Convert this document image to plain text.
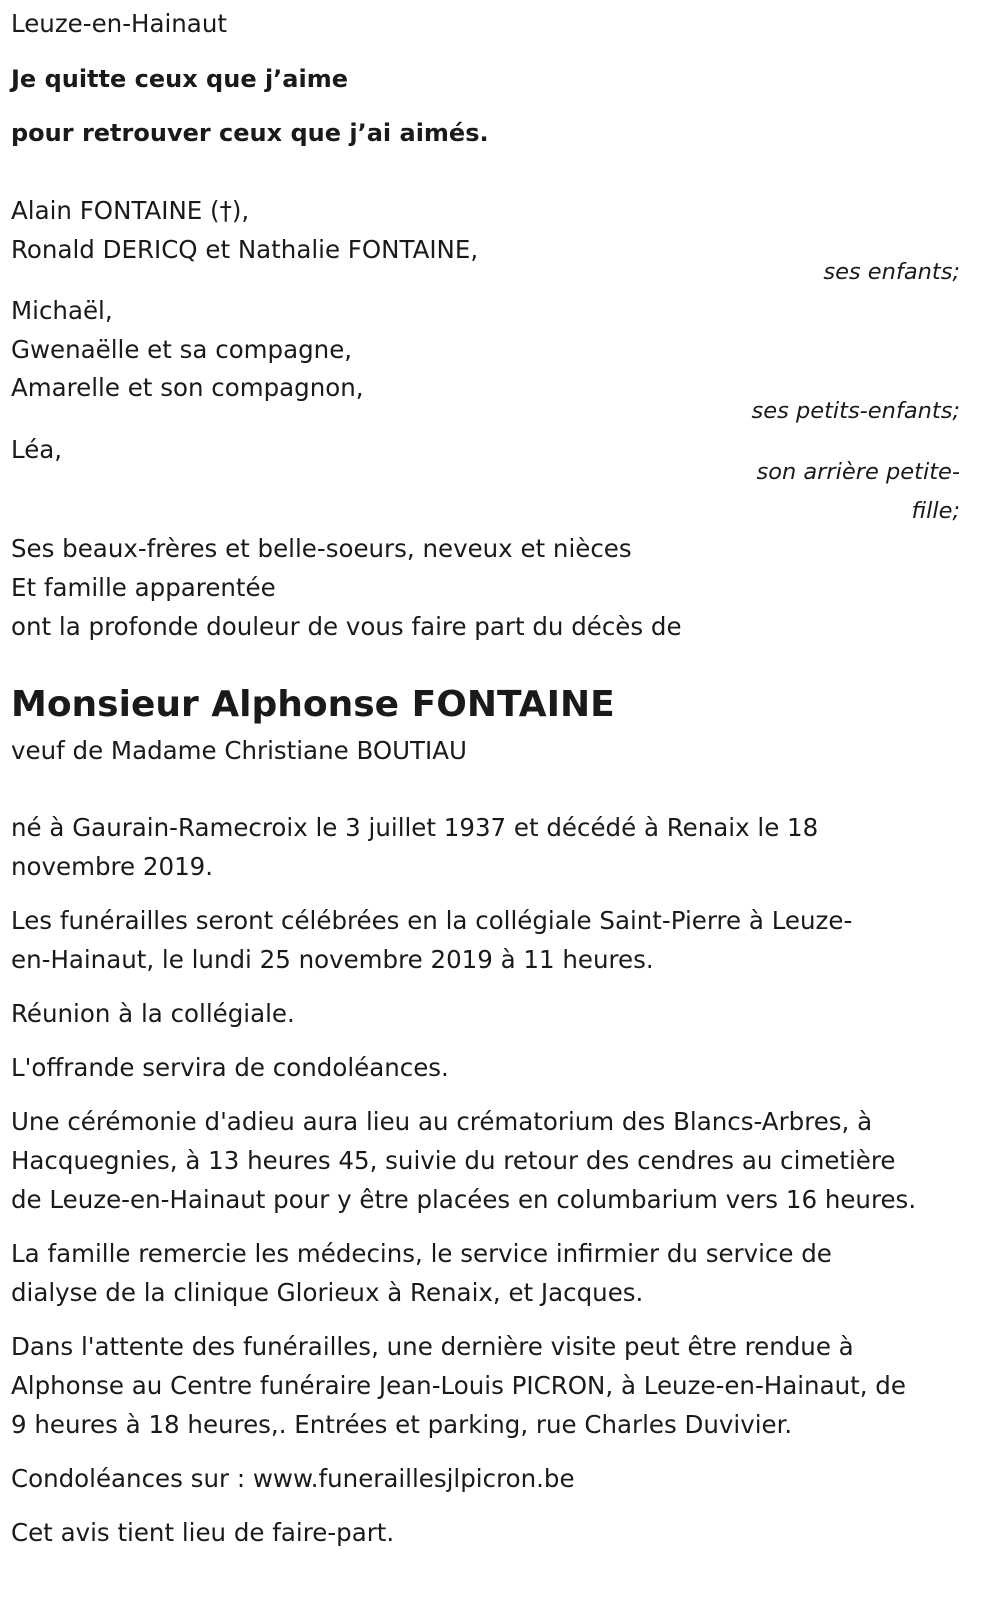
Leuze-en-Hainaut
Je quitte ceux que j’aime
pour retrouver ceux que j’ai aimés.
Alain FONTAINE (†),
Ronald DERICQ et Nathalie FONTAINE,
ses enfants;
Michaël,
Gwenaëlle et sa compagne,
Amarelle et son compagnon,
ses petits-enfants;
Léa,
son arrière petite-
fille;
Ses beaux-frères et belle-soeurs, neveux et nièces
Et famille apparentée
ont la profonde douleur de vous faire part du décès de
Monsieur Alphonse FONTAINE
veuf de Madame Christiane BOUTIAU
né à Gaurain-Ramecroix le 3 juillet 1937 et décédé à Renaix le 18
novembre 2019.
Les funérailles seront célébrées en la collégiale Saint-Pierre à Leuze-
en-Hainaut, le lundi 25 novembre 2019 à 11 heures.
Réunion à la collégiale.
L'offrande servira de condoléances.
Une cérémonie d'adieu aura lieu au crématorium des Blancs-Arbres, à
Hacquegnies, à 13 heures 45, suivie du retour des cendres au cimetière
de Leuze-en-Hainaut pour y être placées en columbarium vers 16 heures.
La famille remercie les médecins, le service infirmier du service de
dialyse de la clinique Glorieux à Renaix, et Jacques.
Dans l'attente des funérailles, une dernière visite peut être rendue à
Alphonse au Centre funéraire Jean-Louis PICRON, à Leuze-en-Hainaut, de
9 heures à 18 heures,. Entrées et parking, rue Charles Duvivier.
Condoléances sur : www.funeraillesjlpicron.be
Cet avis tient lieu de faire-part.
